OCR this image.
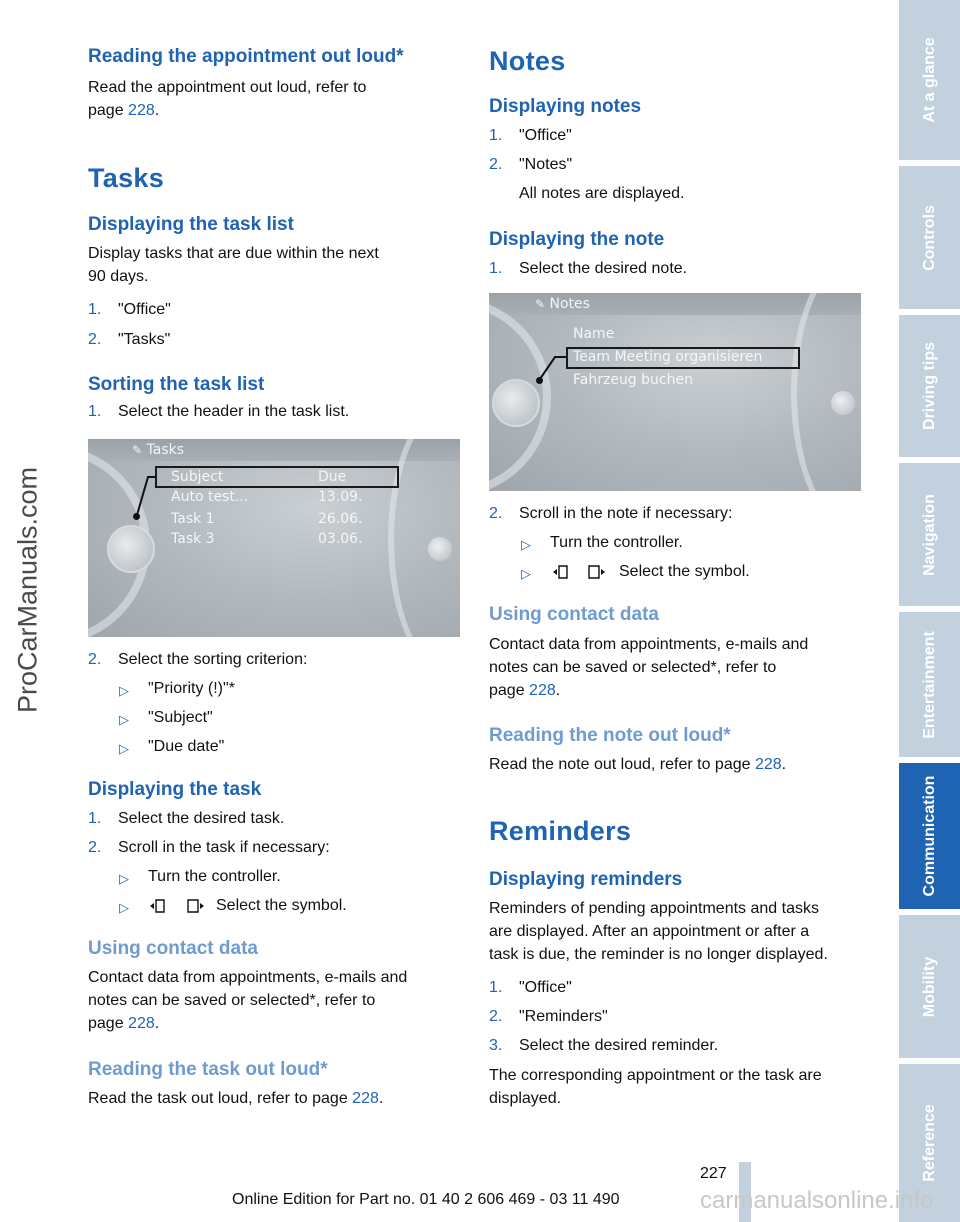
Reading the appointment out loud*
Read the appointment out loud, refer to
page 228.
Tasks
Displaying the task list
Display tasks that are due within the next
90 days.
1. "Office"
2. "Tasks"
Sorting the task list
1. Select the header in the task list.
✎ Tasks
Subject	Due
Auto test...	13.09.
Task 1	26.06.
Task 3	03.06.
2. Select the sorting criterion:
▷ "Priority (!)"*
▷ "Subject"
▷ "Due date"
Displaying the task
1. Select the desired task.
2. Scroll in the task if necessary:
▷ Turn the controller.
▷	Select the symbol.
Using contact data
Contact data from appointments, e-mails and
notes can be saved or selected*, refer to
page 228.
Reading the task out loud*
Read the task out loud, refer to page 228.
Notes
Displaying notes
1. "Office"
2. "Notes"
All notes are displayed.
Displaying the note
1. Select the desired note.
✎ Notes
Name
Team Meeting organisieren
Fahrzeug buchen
2. Scroll in the note if necessary:
▷ Turn the controller.
▷	Select the symbol.
Using contact data
Contact data from appointments, e-mails and
notes can be saved or selected*, refer to
page 228.
Reading the note out loud*
Read the note out loud, refer to page 228.
Reminders
Displaying reminders
Reminders of pending appointments and tasks
are displayed. After an appointment or after a
task is due, the reminder is no longer displayed.
1. "Office"
2. "Reminders"
3. Select the desired reminder.
The corresponding appointment or the task are
displayed.
At a glance
Controls
Driving tips
Navigation
Entertainment
Communication
Mobility
Reference
ProCarManuals.com
227
Online Edition for Part no. 01 40 2 606 469 - 03 11 490	carmanualsonline.info
